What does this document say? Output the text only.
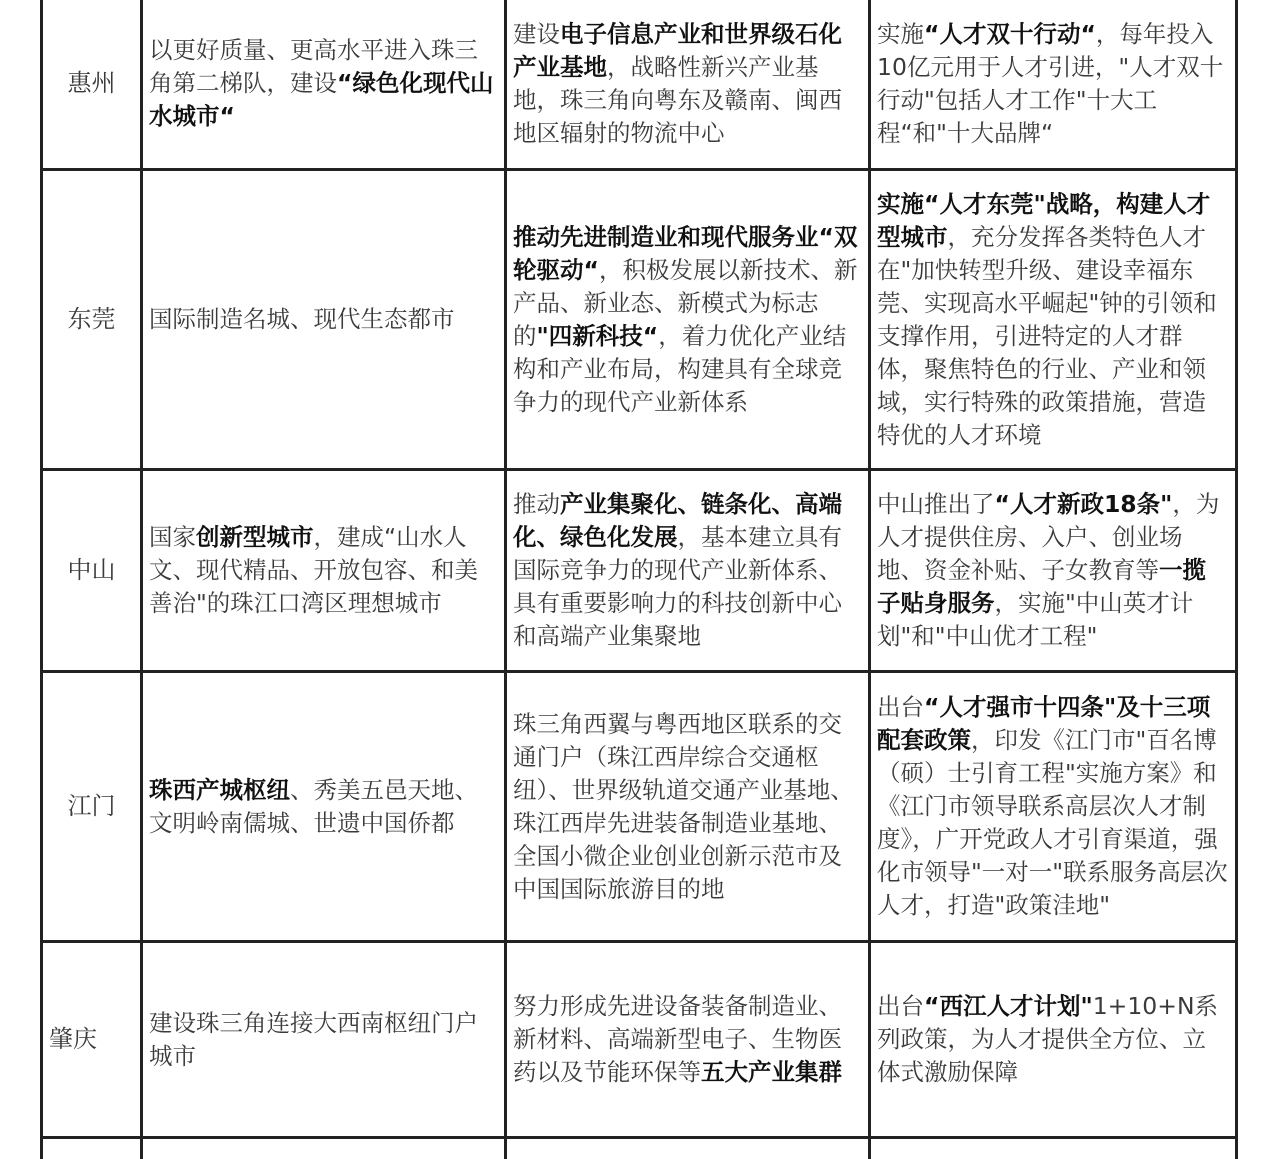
惠州	以更好质量、更高水平进入珠三角第二梯队，建设“绿色化现代山水城市“	建设电子信息产业和世界级石化产业基地，战略性新兴产业基地，珠三角向粤东及赣南、闽西地区辐射的物流中心	实施“人才双十行动“，每年投入10亿元用于人才引进，"人才双十行动"包括人才工作"十大工程“和"十大品牌“
东莞	国际制造名城、现代生态都市	推动先进制造业和现代服务业“双轮驱动“，积极发展以新技术、新产品、新业态、新模式为标志的"四新科技“，着力优化产业结构和产业布局，构建具有全球竞争力的现代产业新体系	实施“人才东莞"战略，构建人才型城市，充分发挥各类特色人才在"加快转型升级、建设幸福东莞、实现高水平崛起"钟的引领和支撑作用，引进特定的人才群体，聚焦特色的行业、产业和领域，实行特殊的政策措施，营造特优的人才环境
中山	国家创新型城市，建成“山水人文、现代精品、开放包容、和美善治"的珠江口湾区理想城市	推动产业集聚化、链条化、高端化、绿色化发展，基本建立具有国际竞争力的现代产业新体系、具有重要影响力的科技创新中心和高端产业集聚地	中山推出了“人才新政18条"，为人才提供住房、入户、创业场地、资金补贴、子女教育等一揽子贴身服务，实施"中山英才计划"和"中山优才工程"
江门	珠西产城枢纽、秀美五邑天地、文明岭南儒城、世遗中国侨都	珠三角西翼与粤西地区联系的交通门户（珠江西岸综合交通枢纽）、世界级轨道交通产业基地、珠江西岸先进装备制造业基地、全国小微企业创业创新示范市及中国国际旅游目的地	出台“人才强市十四条"及十三项配套政策，印发《江门市"百名博（硕）士引育工程"实施方案》和《江门市领导联系高层次人才制度》，广开党政人才引育渠道，强化市领导"一对一"联系服务高层次人才，打造"政策洼地"
肇庆	建设珠三角连接大西南枢纽门户城市	努力形成先进设备装备制造业、新材料、高端新型电子、生物医药以及节能环保等五大产业集群	出台“西江人才计划"1+10+N系列政策，为人才提供全方位、立体式激励保障
